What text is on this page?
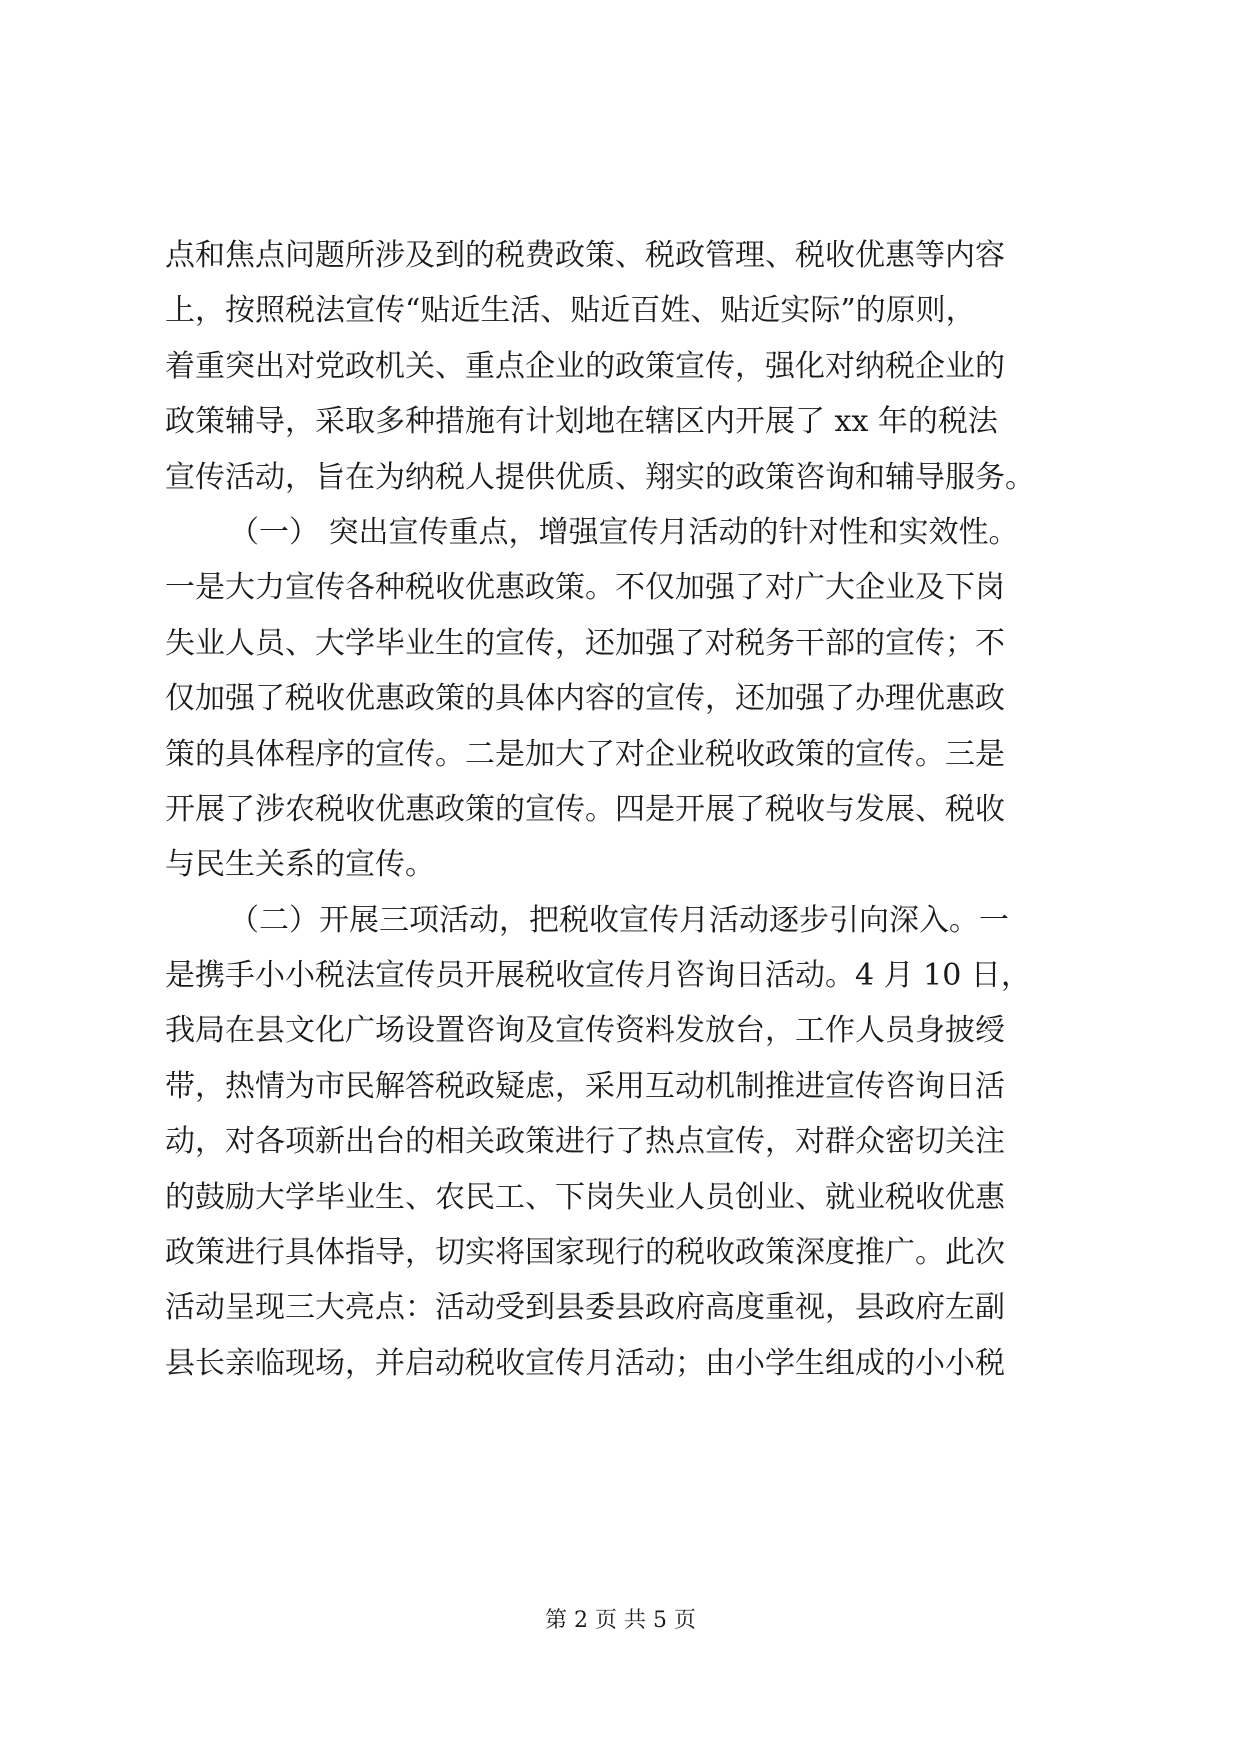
点和焦点问题所涉及到的税费政策、税政管理、税收优惠等内容
上，按照税法宣传“贴近生活、贴近百姓、贴近实际”的原则，
着重突出对党政机关、重点企业的政策宣传，强化对纳税企业的
政策辅导，采取多种措施有计划地在辖区内开展了 xx 年的税法
宣传活动，旨在为纳税人提供优质、翔实的政策咨询和辅导服务。
（一） 突出宣传重点，增强宣传月活动的针对性和实效性。
一是大力宣传各种税收优惠政策。不仅加强了对广大企业及下岗
失业人员、大学毕业生的宣传，还加强了对税务干部的宣传；不
仅加强了税收优惠政策的具体内容的宣传，还加强了办理优惠政
策的具体程序的宣传。二是加大了对企业税收政策的宣传。三是
开展了涉农税收优惠政策的宣传。四是开展了税收与发展、税收
与民生关系的宣传。
（二）开展三项活动，把税收宣传月活动逐步引向深入。一
是携手小小税法宣传员开展税收宣传月咨询日活动。4 月 10 日，
我局在县文化广场设置咨询及宣传资料发放台，工作人员身披绶
带，热情为市民解答税政疑虑，采用互动机制推进宣传咨询日活
动，对各项新出台的相关政策进行了热点宣传，对群众密切关注
的鼓励大学毕业生、农民工、下岗失业人员创业、就业税收优惠
政策进行具体指导，切实将国家现行的税收政策深度推广。此次
活动呈现三大亮点：活动受到县委县政府高度重视，县政府左副
县长亲临现场，并启动税收宣传月活动；由小学生组成的小小税
第 2 页 共 5 页
